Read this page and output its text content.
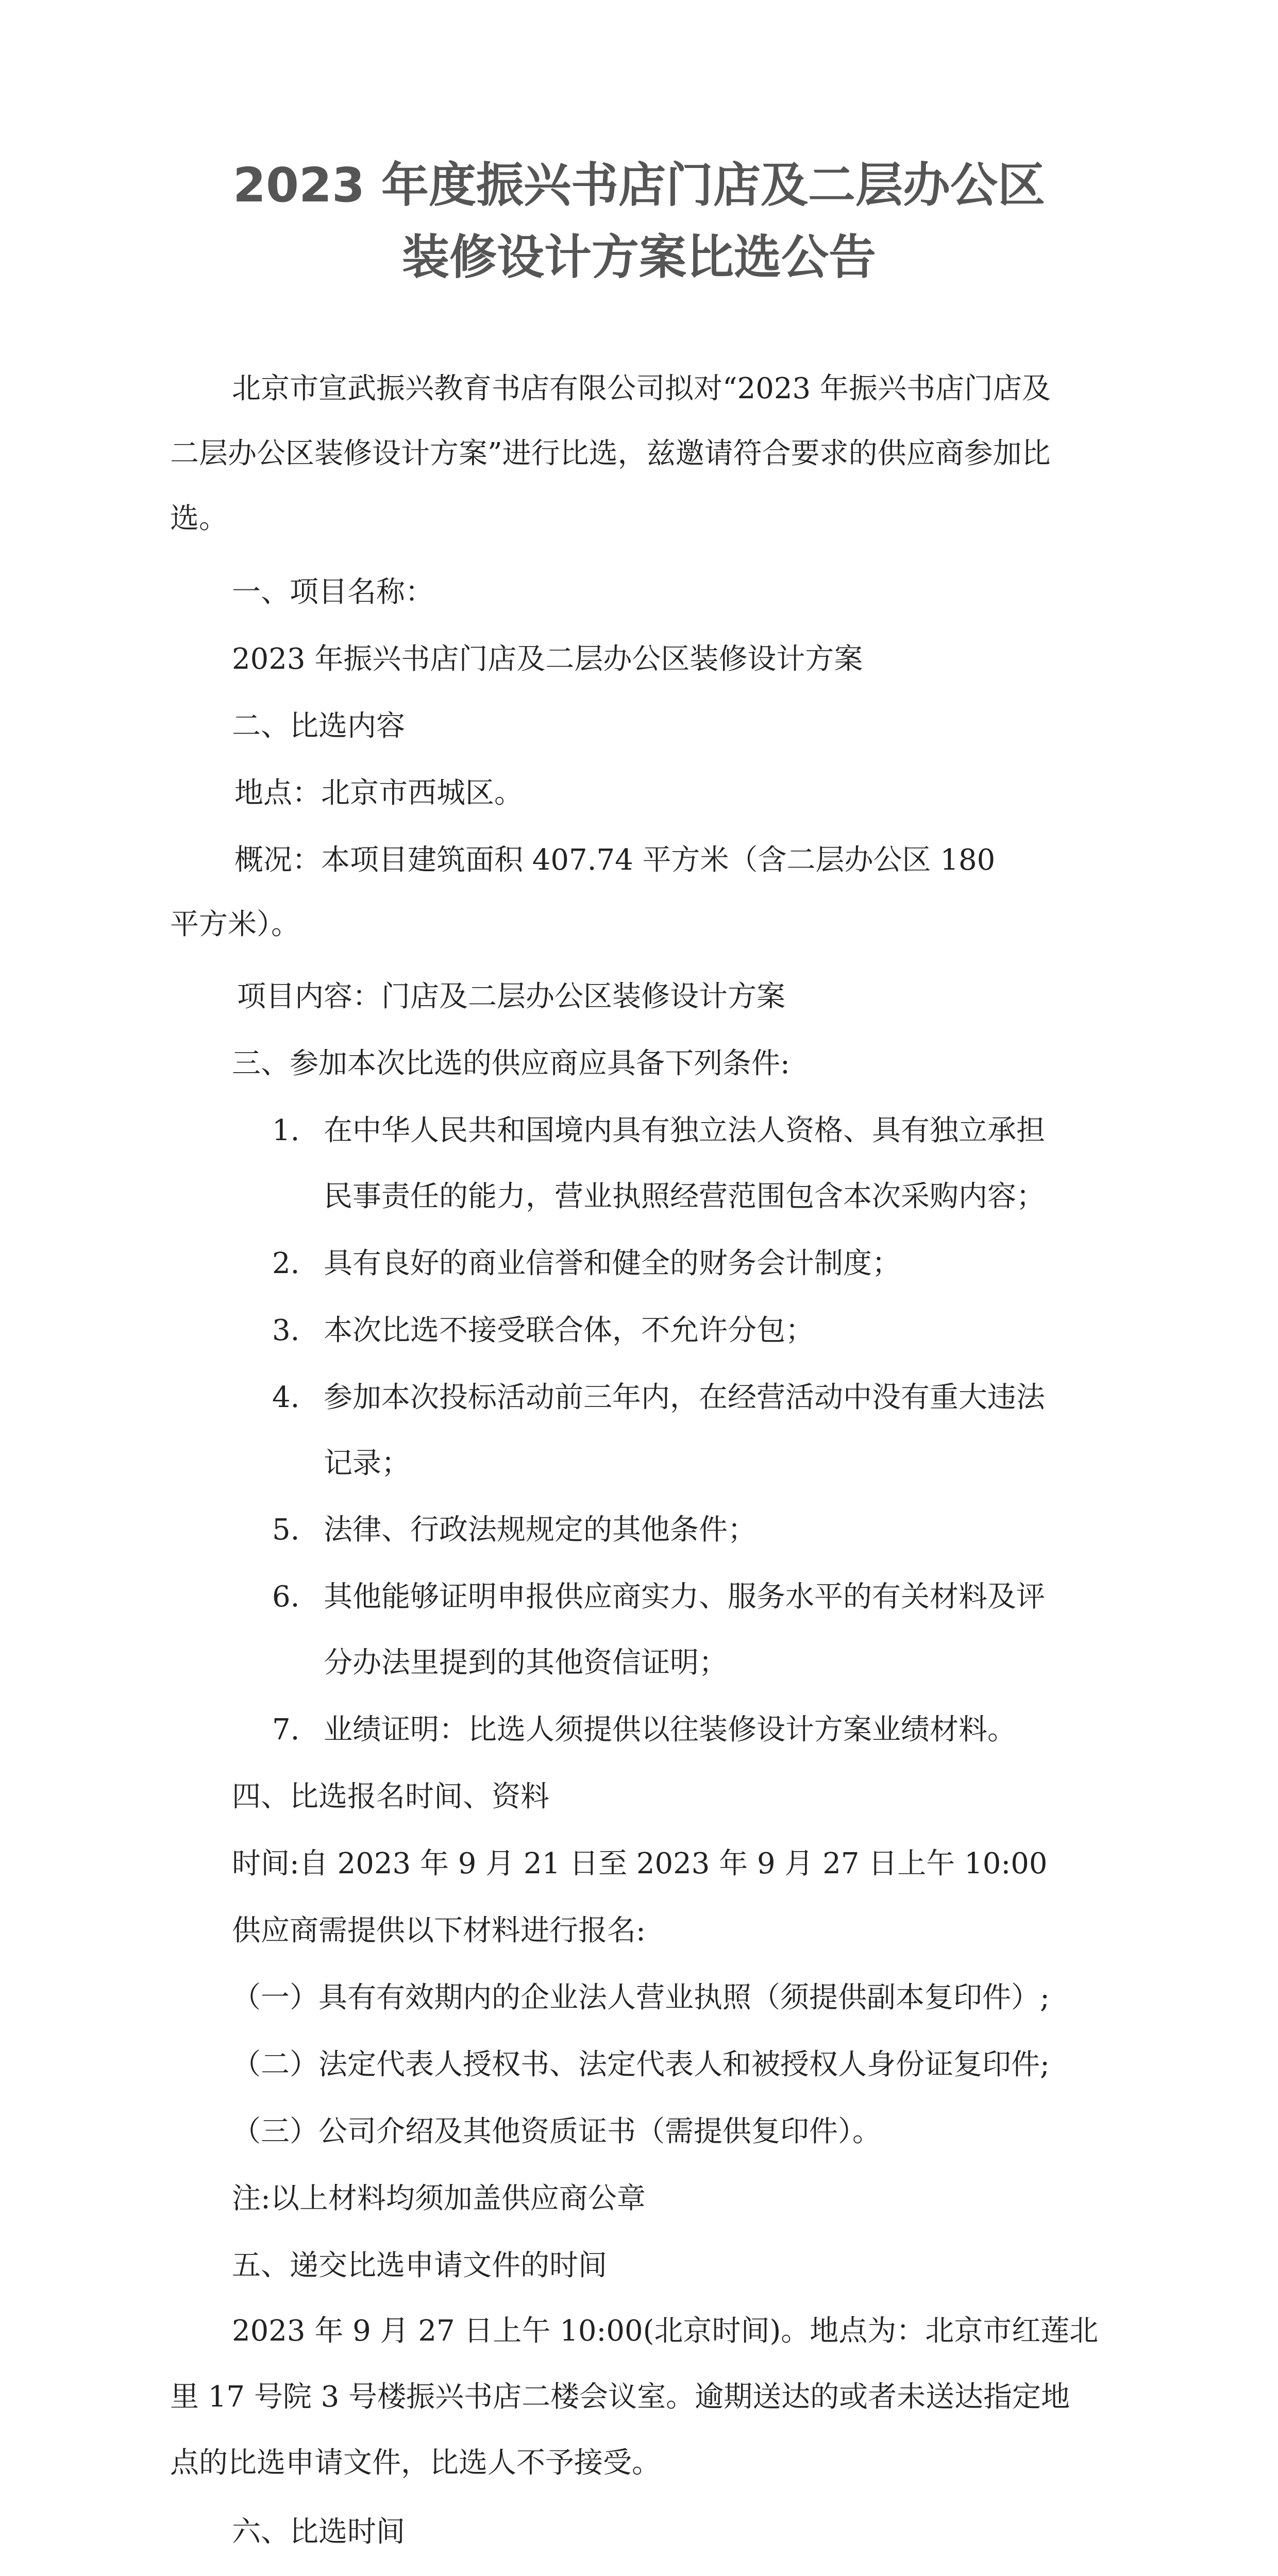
2023 年度振兴书店门店及二层办公区
装修设计方案比选公告
北京市宣武振兴教育书店有限公司拟对“2023 年振兴书店门店及
二层办公区装修设计方案”进行比选，兹邀请符合要求的供应商参加比
选。
一、项目名称：
2023 年振兴书店门店及二层办公区装修设计方案
二、比选内容
地点：北京市西城区。
概况：本项目建筑面积 407.74 平方米（含二层办公区 180
平方米）。
项目内容：门店及二层办公区装修设计方案
三、参加本次比选的供应商应具备下列条件:
1. 在中华人民共和国境内具有独立法人资格、具有独立承担
民事责任的能力，营业执照经营范围包含本次采购内容；
2. 具有良好的商业信誉和健全的财务会计制度；
3. 本次比选不接受联合体，不允许分包；
4. 参加本次投标活动前三年内，在经营活动中没有重大违法
记录；
5. 法律、行政法规规定的其他条件；
6. 其他能够证明申报供应商实力、服务水平的有关材料及评
分办法里提到的其他资信证明；
7. 业绩证明：比选人须提供以往装修设计方案业绩材料。
四、比选报名时间、资料
时间:自 2023 年 9 月 21 日至 2023 年 9 月 27 日上午 10:00
供应商需提供以下材料进行报名:
（一）具有有效期内的企业法人营业执照（须提供副本复印件）;
（二）法定代表人授权书、法定代表人和被授权人身份证复印件;
（三）公司介绍及其他资质证书（需提供复印件）。
注:以上材料均须加盖供应商公章
五、递交比选申请文件的时间
2023 年 9 月 27 日上午 10:00(北京时间)。地点为：北京市红莲北
里 17 号院 3 号楼振兴书店二楼会议室。逾期送达的或者未送达指定地
点的比选申请文件，比选人不予接受。
六、比选时间
